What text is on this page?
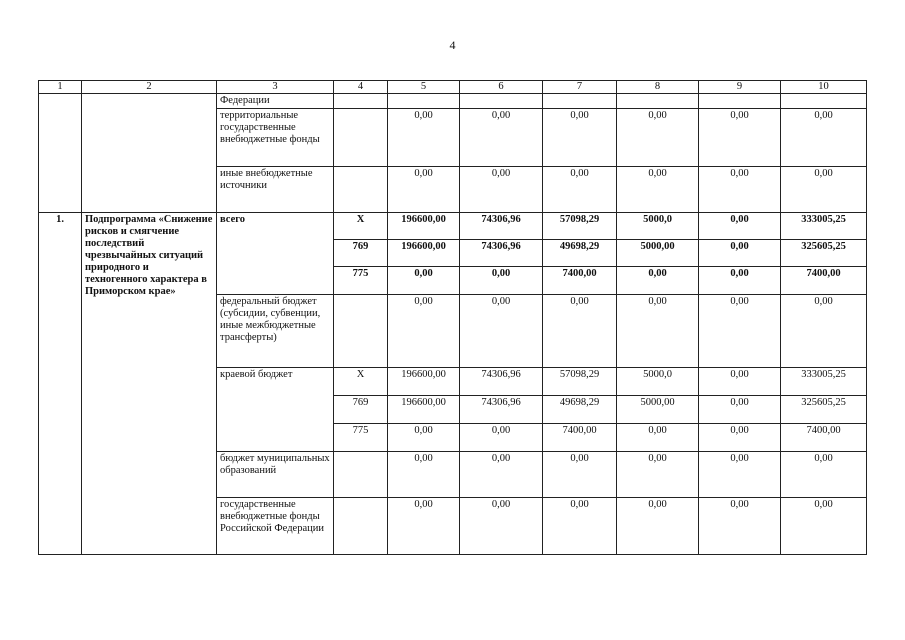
4
1	2	3	4	5	6	7	8	9	10
		Федерации							
		территориальные государственные внебюджетные фонды		0,00	0,00	0,00	0,00	0,00	0,00
		иные внебюджетные источники		0,00	0,00	0,00	0,00	0,00	0,00
1.	Подпрограмма «Снижение рисков и смягчение последствий чрезвычайных ситуаций природного и техногенного характера в Приморском крае»	всего	X	196600,00	74306,96	57098,29	5000,0	0,00	333005,25
			769	196600,00	74306,96	49698,29	5000,00	0,00	325605,25
			775	0,00	0,00	7400,00	0,00	0,00	7400,00
		федеральный бюджет (субсидии, субвенции, иные межбюджетные трансферты)		0,00	0,00	0,00	0,00	0,00	0,00
		краевой бюджет	X	196600,00	74306,96	57098,29	5000,0	0,00	333005,25
			769	196600,00	74306,96	49698,29	5000,00	0,00	325605,25
			775	0,00	0,00	7400,00	0,00	0,00	7400,00
		бюджет муниципальных образований		0,00	0,00	0,00	0,00	0,00	0,00
		государственные внебюджетные фонды Российской Федерации		0,00	0,00	0,00	0,00	0,00	0,00
